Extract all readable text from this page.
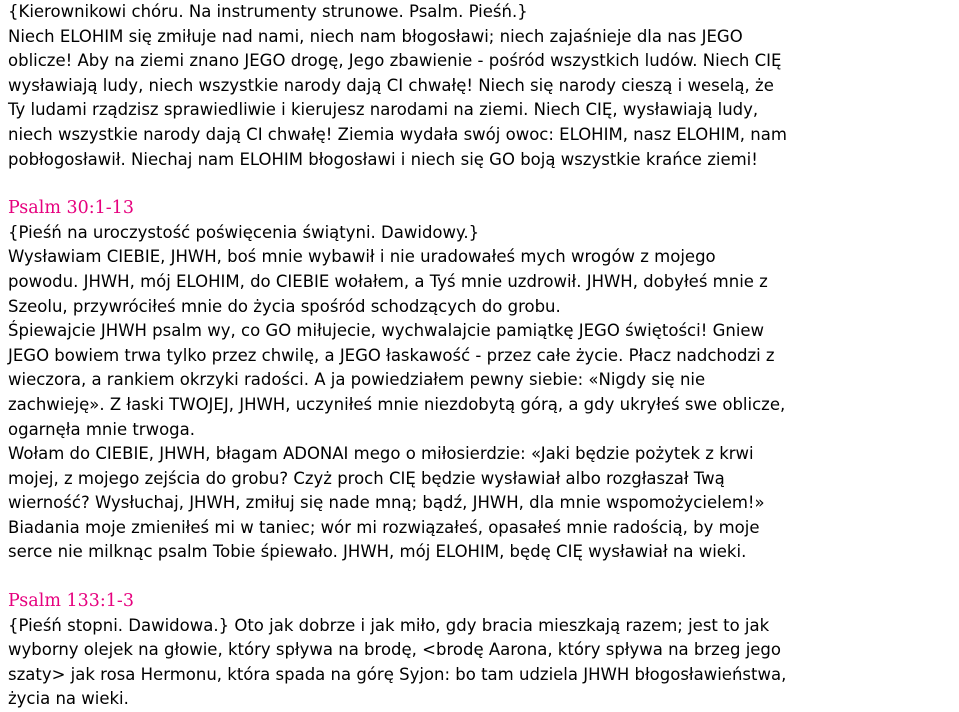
{Kierownikowi chóru. Na instrumenty strunowe. Psalm. Pieśń.}
Niech ELOHIM się zmiłuje nad nami, niech nam błogosławi; niech zajaśnieje dla nas JEGO
oblicze! Aby na ziemi znano JEGO drogę, Jego zbawienie - pośród wszystkich ludów. Niech CIĘ
wysławiają ludy, niech wszystkie narody dają CI chwałę! Niech się narody cieszą i weselą, że
Ty ludami rządzisz sprawiedliwie i kierujesz narodami na ziemi. Niech CIĘ, wysławiają ludy,
niech wszystkie narody dają CI chwałę! Ziemia wydała swój owoc: ELOHIM, nasz ELOHIM, nam
pobłogosławił. Niechaj nam ELOHIM błogosławi i niech się GO boją wszystkie krańce ziemi!
Psalm 30:1-13
{Pieśń na uroczystość poświęcenia świątyni. Dawidowy.}
Wysławiam CIEBIE, JHWH, boś mnie wybawił i nie uradowałeś mych wrogów z mojego
powodu. JHWH, mój ELOHIM, do CIEBIE wołałem, a Tyś mnie uzdrowił. JHWH, dobyłeś mnie z
Szeolu, przywróciłeś mnie do życia spośród schodzących do grobu.
Śpiewajcie JHWH psalm wy, co GO miłujecie, wychwalajcie pamiątkę JEGO świętości! Gniew
JEGO bowiem trwa tylko przez chwilę, a JEGO łaskawość - przez całe życie. Płacz nadchodzi z
wieczora, a rankiem okrzyki radości. A ja powiedziałem pewny siebie: «Nigdy się nie
zachwieję». Z łaski TWOJEJ, JHWH, uczyniłeś mnie niezdobytą górą, a gdy ukryłeś swe oblicze,
ogarnęła mnie trwoga.
Wołam do CIEBIE, JHWH, błagam ADONAI mego o miłosierdzie: «Jaki będzie pożytek z krwi
mojej, z mojego zejścia do grobu? Czyż proch CIĘ będzie wysławiał albo rozgłaszał Twą
wierność? Wysłuchaj, JHWH, zmiłuj się nade mną; bądź, JHWH, dla mnie wspomożycielem!»
Biadania moje zmieniłeś mi w taniec; wór mi rozwiązałeś, opasałeś mnie radością, by moje
serce nie milknąc psalm Tobie śpiewało. JHWH, mój ELOHIM, będę CIĘ wysławiał na wieki.
Psalm 133:1-3
{Pieśń stopni. Dawidowa.} Oto jak dobrze i jak miło, gdy bracia mieszkają razem; jest to jak
wyborny olejek na głowie, który spływa na brodę, <brodę Aarona, który spływa na brzeg jego
szaty> jak rosa Hermonu, która spada na górę Syjon: bo tam udziela JHWH błogosławieństwa,
życia na wieki.
